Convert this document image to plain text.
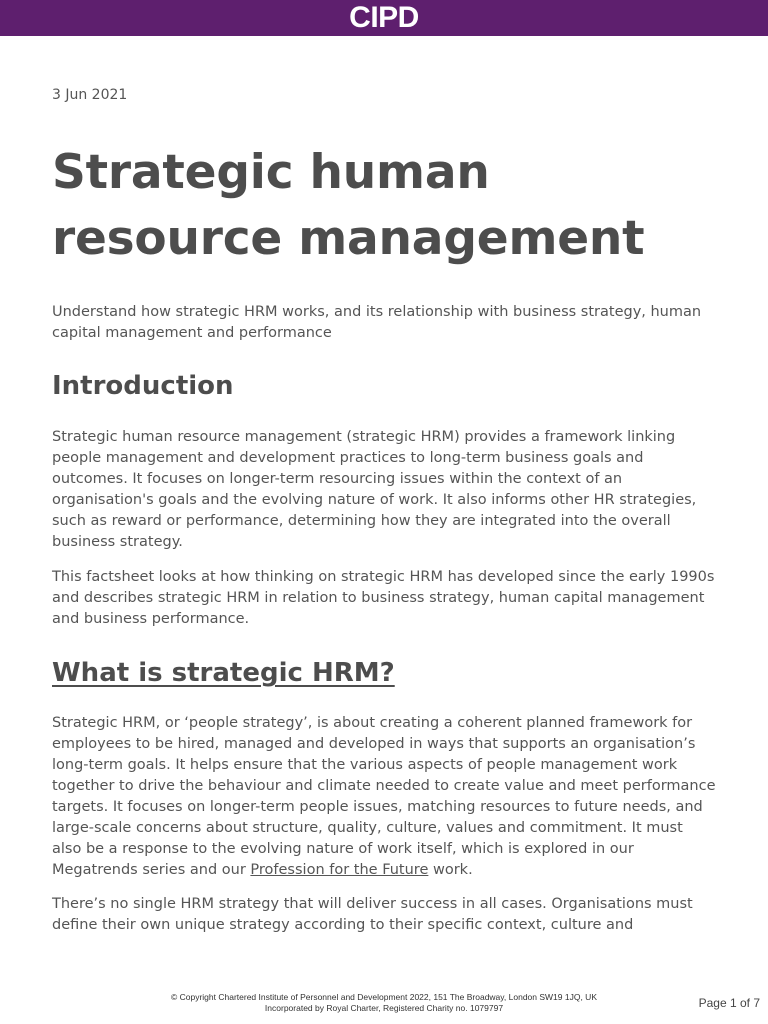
CIPD
3 Jun 2021
Strategic human resource management

Understand how strategic HRM works, and its relationship with business strategy, human capital management and performance

Introduction

Strategic human resource management (strategic HRM) provides a framework linking people management and development practices to long-term business goals and outcomes. It focuses on longer-term resourcing issues within the context of an organisation's goals and the evolving nature of work. It also informs other HR strategies, such as reward or performance, determining how they are integrated into the overall business strategy.

This factsheet looks at how thinking on strategic HRM has developed since the early 1990s and describes strategic HRM in relation to business strategy, human capital management and business performance.

What is strategic HRM?

Strategic HRM, or ‘people strategy’, is about creating a coherent planned framework for employees to be hired, managed and developed in ways that supports an organisation’s long-term goals. It helps ensure that the various aspects of people management work together to drive the behaviour and climate needed to create value and meet performance targets. It focuses on longer-term people issues, matching resources to future needs, and large-scale concerns about structure, quality, culture, values and commitment. It must also be a response to the evolving nature of work itself, which is explored in our Megatrends series and our Profession for the Future work.

There’s no single HRM strategy that will deliver success in all cases. Organisations must define their own unique strategy according to their specific context, culture and

© Copyright Chartered Institute of Personnel and Development 2022, 151 The Broadway, London SW19 1JQ, UK
Incorporated by Royal Charter, Registered Charity no. 1079797	Page 1 of 7
